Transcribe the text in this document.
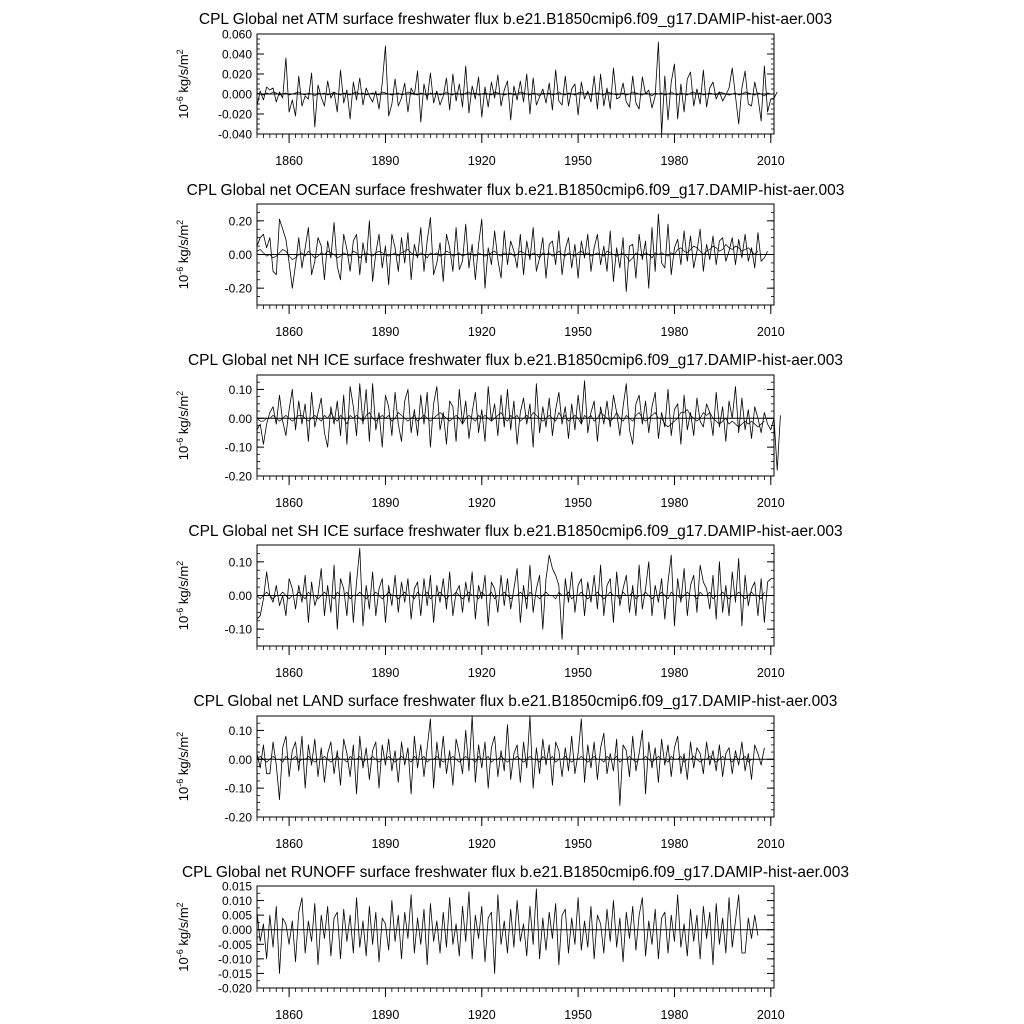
CPL Global net ATM surface freshwater flux b.e21.B1850cmip6.f09_g17.DAMIP-hist-aer.003
-0.040
-0.020
0.000
0.020
0.040
0.060
1860	1890	1920	1950	1980	2010
$10^{-6}$ $kg/s/m^2$
CPL Global net OCEAN surface freshwater flux b.e21.B1850cmip6.f09_g17.DAMIP-hist-aer.003
-0.20
0.00
0.20
1860	1890	1920	1950	1980	2010
$10^{-6}$ $kg/s/m^2$
CPL Global net NH ICE surface freshwater flux b.e21.B1850cmip6.f09_g17.DAMIP-hist-aer.003
-0.20
-0.10
0.00
0.10
1860	1890	1920	1950	1980	2010
$10^{-6}$ $kg/s/m^2$
CPL Global net SH ICE surface freshwater flux b.e21.B1850cmip6.f09_g17.DAMIP-hist-aer.003
-0.10
0.00
0.10
1860	1890	1920	1950	1980	2010
$10^{-6}$ $kg/s/m^2$
CPL Global net LAND surface freshwater flux b.e21.B1850cmip6.f09_g17.DAMIP-hist-aer.003
-0.20
-0.10
0.00
0.10
1860	1890	1920	1950	1980	2010
$10^{-6}$ $kg/s/m^2$
CPL Global net RUNOFF surface freshwater flux b.e21.B1850cmip6.f09_g17.DAMIP-hist-aer.003
-0.020
-0.015
-0.010
-0.005
0.000
0.005
0.010
0.015
1860	1890	1920	1950	1980	2010
$10^{-6}$ $kg/s/m^2$
